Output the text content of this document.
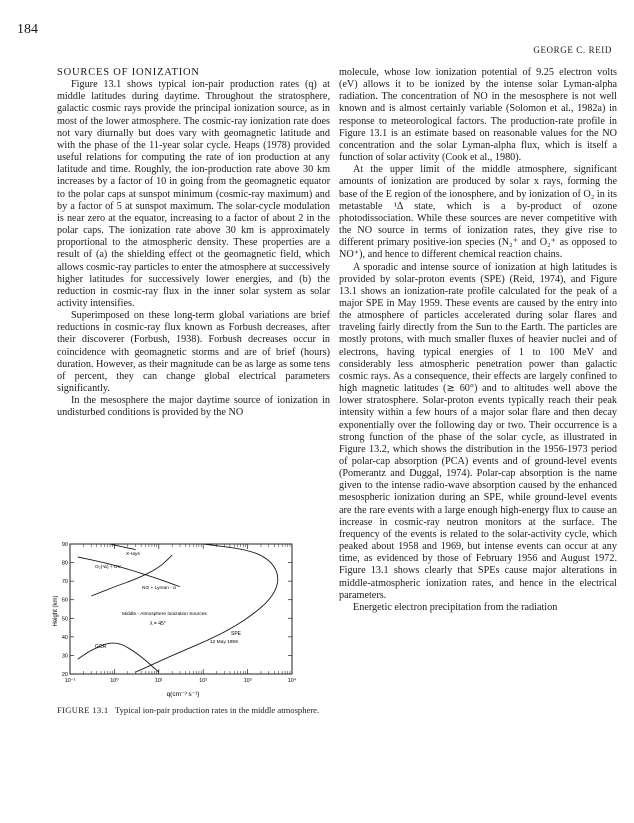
184
GEORGE C. REID

SOURCES OF IONIZATION

Figure 13.1 shows typical ion-pair production rates (q) at middle latitudes during daytime. Throughout the stratosphere, galactic cosmic rays provide the principal ionization source, as in most of the lower atmosphere. The cosmic-ray ionization rate does not vary diurnally but does vary with geomagnetic latitude and with the phase of the 11-year solar cycle. Heaps (1978) provided useful relations for computing the rate of ion production at any latitude and time. Roughly, the ion-production rate above 30 km increases by a factor of 10 in going from the geomagnetic equator to the polar caps at sunspot minimum (cosmic-ray maximum) and by a factor of 5 at sunspot maximum. The solar-cycle modulation is near zero at the equator, increasing to a factor of about 2 in the polar caps. The ionization rate above 30 km is approximately proportional to the atmospheric density. These properties are a result of (a) the shielding effect ot the geomagnetic field, which allows cosmic-ray particles to enter the atmosphere at successively higher latitudes for successively lower energies, and (b) the reduction in cosmic-ray flux in the inner solar system as solar activity intensifies.

Superimposed on these long-term global variations are brief reductions in cosmic-ray flux known as Forbush decreases, after their discoverer (Forbush, 1938). Forbush decreases occur in coincidence with geomagnetic storms and are of brief (hours) duration. However, as their magnitude can be as large as some tens of percent, they can change global electrical parameters significantly.

In the mesosphere the major daytime source of ionization in undisturbed conditions is provided by the NO

20
30
40
50
60
70
80
90
10⁻¹	10⁰	10¹	10²	10³	10⁴
Height (km)
q(cm⁻³ s⁻¹)
X-rays
O₂(¹Δ) + UV
NO + Lyman - α
Middle - Atmosphere Ionization Sources
λ = 45°
SPE
12 May 1959
GCR
FIGURE 13.1 Typical ion-pair production rates in the middle atmosphere.

molecule, whose low ionization potential of 9.25 electron volts (eV) allows it to be ionized by the intense solar Lyman-alpha radiation. The concentration of NO in the mesosphere is not well known and is almost certainly variable (Solomon et al., 1982a) in response to meteorological factors. The production-rate profile in Figure 13.1 is an estimate based on reasonable values for the NO concentration and the solar Lyman-alpha flux, which is itself a function of solar activity (Cook et al., 1980).

At the upper limit of the middle atmosphere, significant amounts of ionization are produced by solar x rays, forming the base of the E region of the ionosphere, and by ionization of O₂ in its metastable ¹Δ state, which is a by-product of ozone photodissociation. While these sources are never competitive with the NO source in terms of ionization rates, they give rise to different primary positive-ion species (N₂⁺ and O₂⁺ as opposed to NO⁺), and hence to different chemical reaction chains.

A sporadic and intense source of ionization at high latitudes is provided by solar-proton events (SPE) (Reid, 1974), and Figure 13.1 shows an ionization-rate profile calculated for the peak of a major SPE in May 1959. These events are caused by the entry into the atmosphere of particles accelerated during solar flares and traveling fairly directly from the Sun to the Earth. The particles are mostly protons, with much smaller fluxes of heavier nuclei and of electrons, having typical energies of 1 to 100 MeV and considerably less atmospheric penetration power than galactic cosmic rays. As a consequence, their effects are largely confined to high magnetic latitudes (≳ 60°) and to altitudes well above the lower stratosphere. Solar-proton events typically reach their peak intensity within a few hours of a major solar flare and then decay exponentially over the following day or two. Their occurrence is a strong function of the phase of the solar cycle, as illustrated in Figure 13.2, which shows the distribution in the 1956-1973 period of polar-cap absorption (PCA) events and of ground-level events (Pomerantz and Duggal, 1974). Polar-cap absorption is the name given to the intense radio-wave absorption caused by the enhanced mesospheric ionization during an SPE, while ground-level events are the rare events with a large enough high-energy flux to cause an increase in cosmic-ray neutron monitors at the surface. The frequency of the events is related to the solar-activity cycle, which peaked about 1958 and 1969, but intense events can occur at any time, as evidenced by those of February 1956 and August 1972. Figure 13.1 shows clearly that SPEs cause major alterations in middle-atmospheric ionization rates, and hence in the electrical parameters.

Energetic electron precipitation from the radiation
